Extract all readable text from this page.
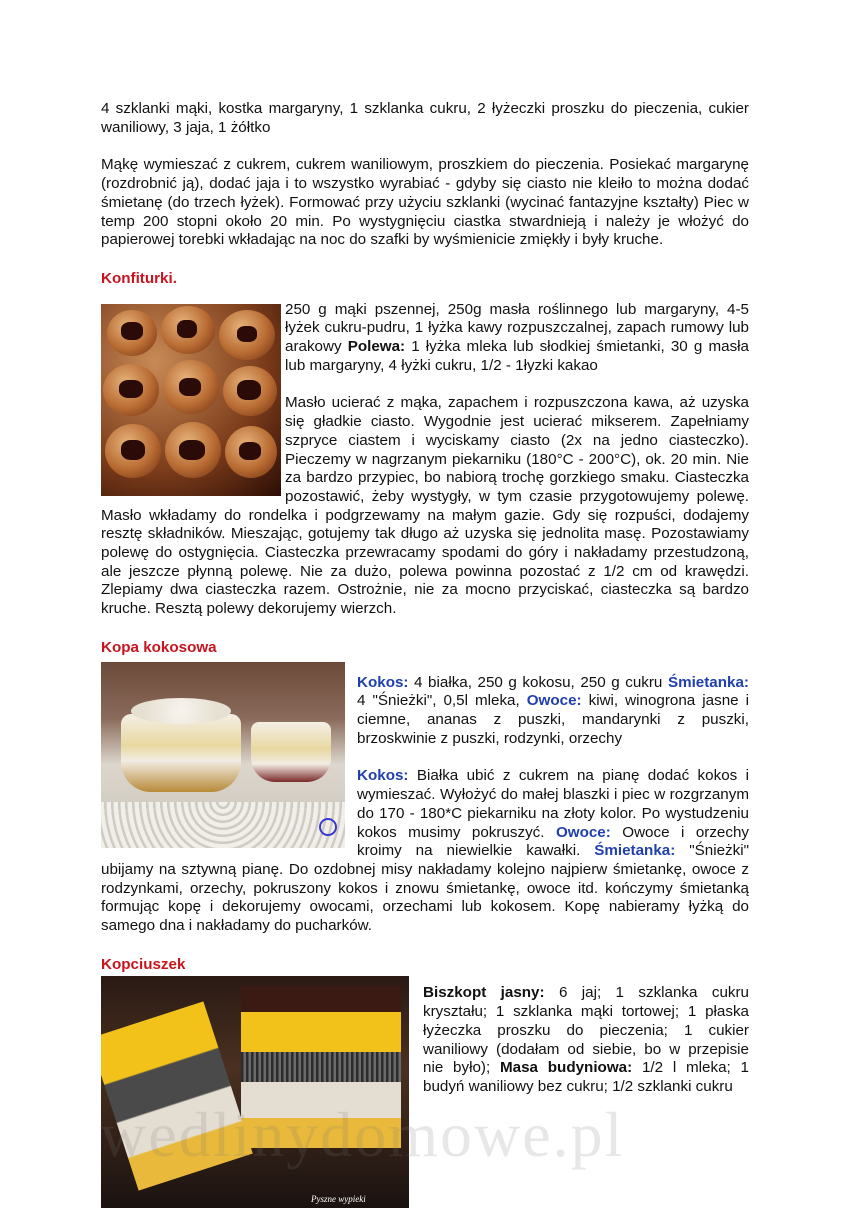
4 szklanki mąki, kostka margaryny, 1 szklanka cukru, 2 łyżeczki proszku do pieczenia, cukier waniliowy, 3 jaja, 1 żółtko

Mąkę wymieszać z cukrem, cukrem waniliowym, proszkiem do pieczenia. Posiekać margarynę (rozdrobnić ją), dodać jaja i to wszystko wyrabiać - gdyby się ciasto nie kleiło to można dodać śmietanę (do trzech łyżek). Formować przy użyciu szklanki (wycinać fantazyjne kształty) Piec w temp 200 stopni około 20 min. Po wystygnięciu ciastka stwardnieją i należy je włożyć do papierowej torebki wkładając na noc do szafki by wyśmienicie zmiękły i były kruche.

Konfiturki.

250 g mąki pszennej, 250g masła roślinnego lub margaryny, 4-5 łyżek cukru-pudru, 1 łyżka kawy rozpuszczalnej, zapach rumowy lub arakowy Polewa: 1 łyżka mleka lub słodkiej śmietanki, 30 g masła lub margaryny, 4 łyżki cukru, 1/2 - 1łyzki kakao

Masło ucierać z mąka, zapachem i rozpuszczona kawa, aż uzyska się gładkie ciasto. Wygodnie jest ucierać mikserem. Zapełniamy szpryce ciastem i wyciskamy ciasto (2x na jedno ciasteczko). Pieczemy w nagrzanym piekarniku (180°C - 200°C), ok. 20 min. Nie za bardzo przypiec, bo nabiorą trochę gorzkiego smaku. Ciasteczka pozostawić, żeby wystygły, w tym czasie przygotowujemy polewę. Masło wkładamy do rondelka i podgrzewamy na małym gazie. Gdy się rozpuści, dodajemy resztę składników. Mieszając, gotujemy tak długo aż uzyska się jednolita masę. Pozostawiamy polewę do ostygnięcia. Ciasteczka przewracamy spodami do góry i nakładamy przestudzoną, ale jeszcze płynną polewę. Nie za dużo, polewa powinna pozostać z 1/2 cm od krawędzi. Zlepiamy dwa ciasteczka razem. Ostrożnie, nie za mocno przyciskać, ciasteczka są bardzo kruche. Resztą polewy dekorujemy wierzch.

Kopa kokosowa

Kokos: 4 białka, 250 g kokosu, 250 g cukru Śmietanka: 4 "Śnieżki", 0,5l mleka, Owoce: kiwi, winogrona jasne i ciemne, ananas z puszki, mandarynki z puszki, brzoskwinie z puszki, rodzynki, orzechy

Kokos: Białka ubić z cukrem na pianę dodać kokos i wymieszać. Wyłożyć do małej blaszki i piec w rozgrzanym do 170 - 180*C piekarniku na złoty kolor. Po wystudzeniu kokos musimy pokruszyć. Owoce: Owoce i orzechy kroimy na niewielkie kawałki. Śmietanka: "Śnieżki" ubijamy na sztywną pianę. Do ozdobnej misy nakładamy kolejno najpierw śmietankę, owoce z rodzynkami, orzechy, pokruszony kokos i znowu śmietankę, owoce itd. kończymy śmietanką formując kopę i dekorujemy owocami, orzechami lub kokosem. Kopę nabieramy łyżką do samego dna i nakładamy do pucharków.

Kopciuszek
Pyszne wypieki

Biszkopt jasny: 6 jaj; 1 szklanka cukru kryształu; 1 szklanka mąki tortowej; 1 płaska łyżeczka proszku do pieczenia; 1 cukier waniliowy (dodałam od siebie, bo w przepisie nie było); Masa budyniowa: 1/2 l mleka; 1 budyń waniliowy bez cukru; 1/2 szklanki cukru

wedlinydomowe.pl
